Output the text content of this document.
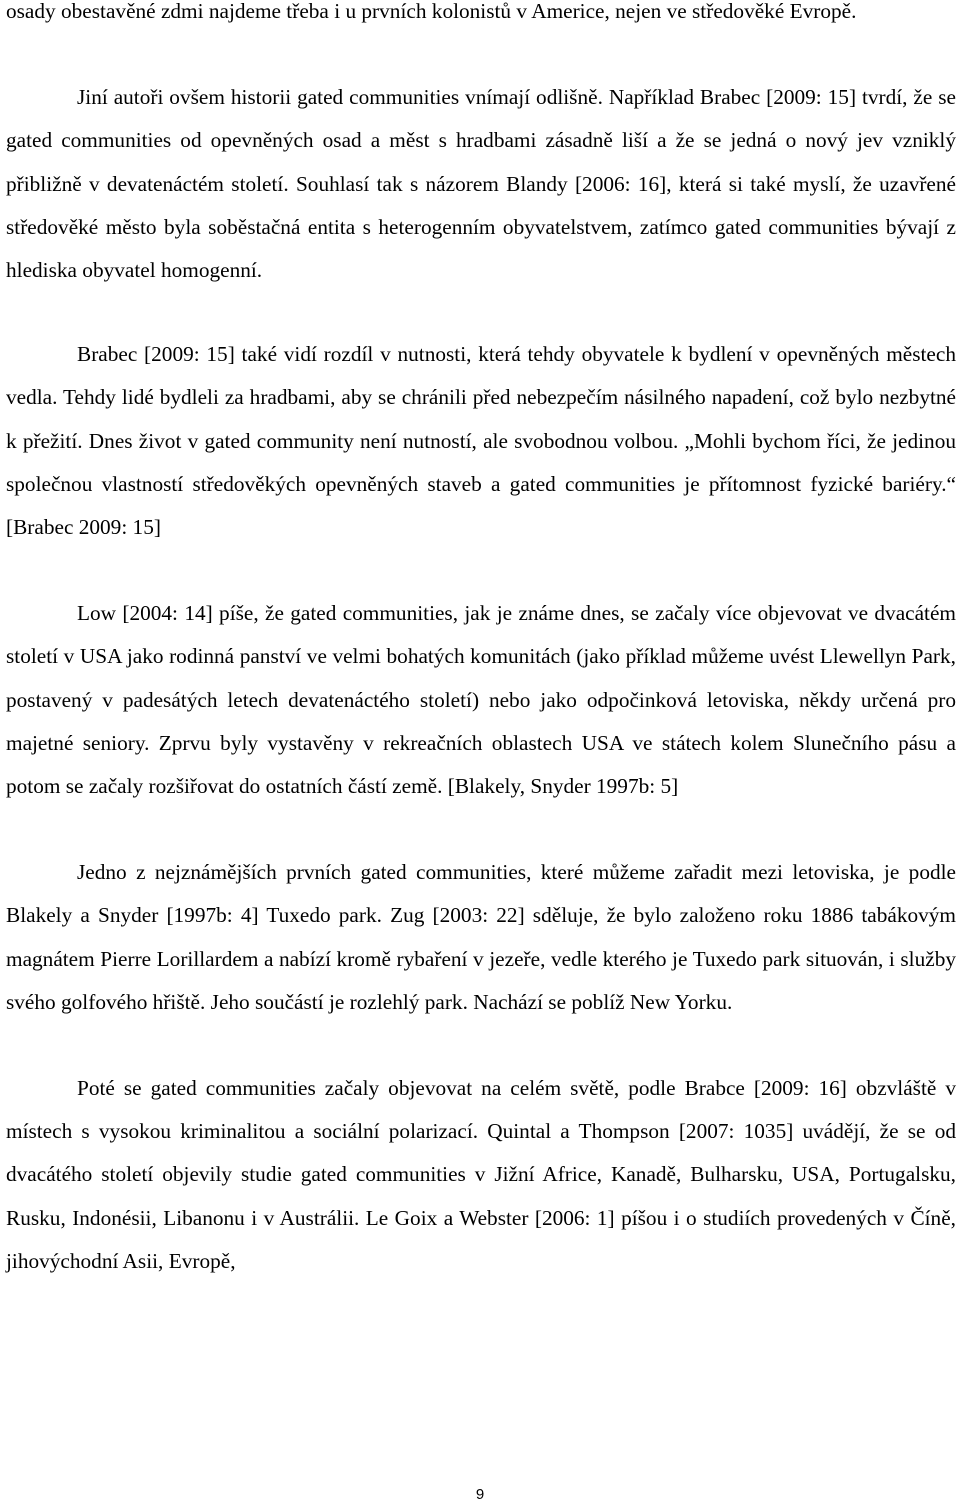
osady obestavěné zdmi najdeme třeba i u prvních kolonistů v Americe, nejen ve středověké Evropě.

Jiní autoři ovšem historii gated communities vnímají odlišně. Například Brabec [2009: 15] tvrdí, že se gated communities od opevněných osad a měst s hradbami zásadně liší a že se jedná o nový jev vzniklý přibližně v devatenáctém století. Souhlasí tak s názorem Blandy [2006: 16], která si také myslí, že uzavřené středověké město byla soběstačná entita s heterogenním obyvatelstvem, zatímco gated communities bývají z hlediska obyvatel homogenní.

Brabec [2009: 15] také vidí rozdíl v nutnosti, která tehdy obyvatele k bydlení v opevněných městech vedla. Tehdy lidé bydleli za hradbami, aby se chránili před nebezpečím násilného napadení, což bylo nezbytné k přežití. Dnes život v gated community není nutností, ale svobodnou volbou. „Mohli bychom říci, že jedinou společnou vlastností středověkých opevněných staveb a gated communities je přítomnost fyzické bariéry.“ [Brabec 2009: 15]

Low [2004: 14] píše, že gated communities, jak je známe dnes, se začaly více objevovat ve dvacátém století v USA jako rodinná panství ve velmi bohatých komunitách (jako příklad můžeme uvést Llewellyn Park, postavený v padesátých letech devatenáctého století) nebo jako odpočinková letoviska, někdy určená pro majetné seniory. Zprvu byly vystavěny v rekreačních oblastech USA ve státech kolem Slunečního pásu a potom se začaly rozšiřovat do ostatních částí země. [Blakely, Snyder 1997b: 5]

Jedno z nejznámějších prvních gated communities, které můžeme zařadit mezi letoviska, je podle Blakely a Snyder [1997b: 4] Tuxedo park. Zug [2003: 22] sděluje, že bylo založeno roku 1886 tabákovým magnátem Pierre Lorillardem a nabízí kromě rybaření v jezeře, vedle kterého je Tuxedo park situován, i služby svého golfového hřiště. Jeho součástí je rozlehlý park. Nachází se poblíž New Yorku.

Poté se gated communities začaly objevovat na celém světě, podle Brabce [2009: 16] obzvláště v místech s vysokou kriminalitou a sociální polarizací. Quintal a Thompson [2007: 1035] uvádějí, že se od dvacátého století objevily studie gated communities v Jižní Africe, Kanadě, Bulharsku, USA, Portugalsku, Rusku, Indonésii, Libanonu i v Austrálii. Le Goix a Webster [2006: 1] píšou i o studiích provedených v Číně, jihovýchodní Asii, Evropě,

9
